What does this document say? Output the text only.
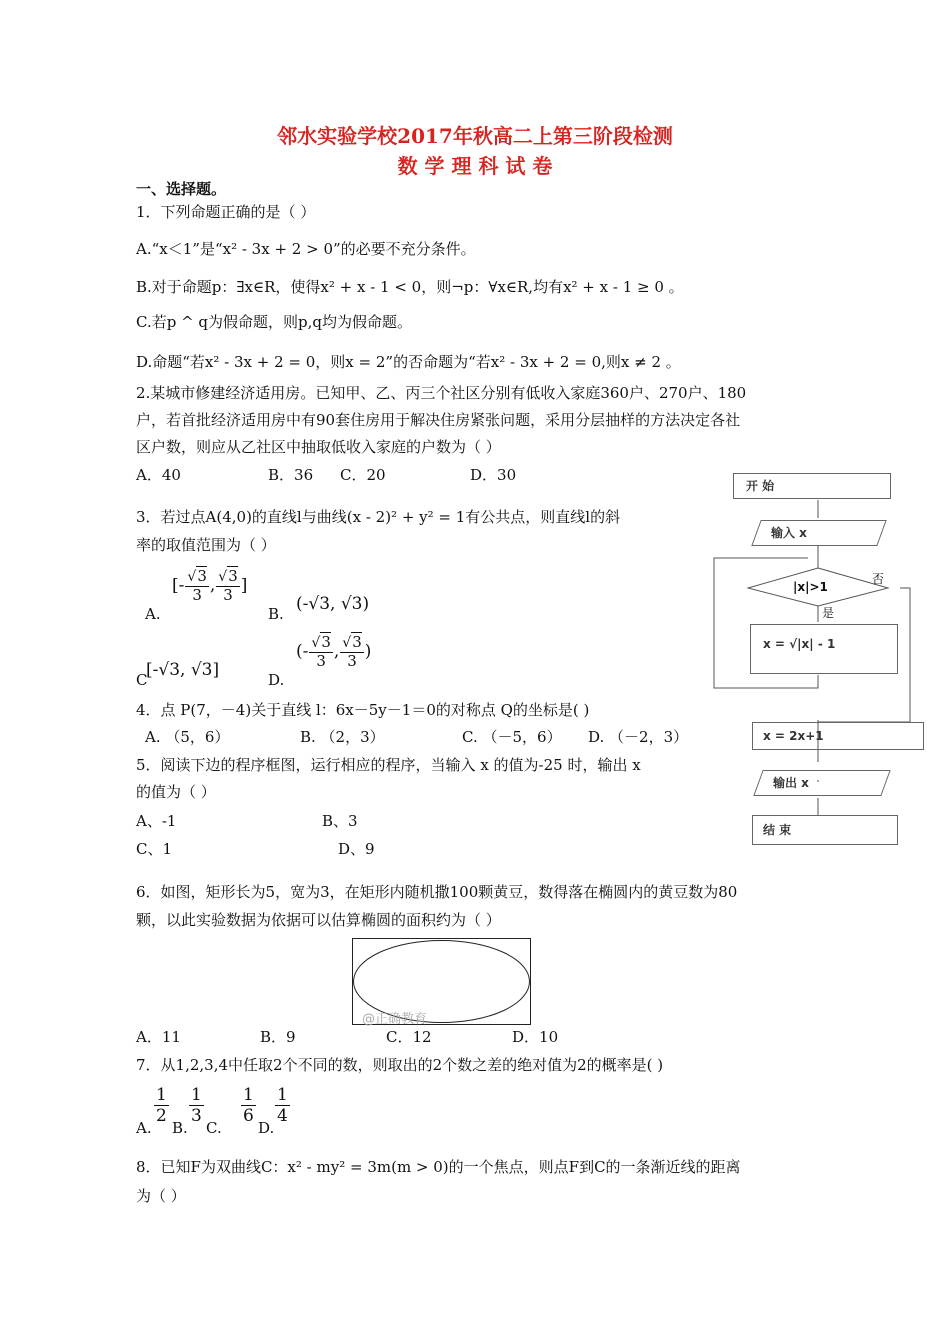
邻水实验学校2017年秋高二上第三阶段检测
数 学 理 科 试 卷
一、选择题。
1．下列命题正确的是（ ）
A.“x＜1”是“x² - 3x + 2 > 0”的必要不充分条件。
B.对于命题p：∃x∈R，使得x² + x - 1 < 0，则¬p：∀x∈R,均有x² + x - 1 ≥ 0 。
C.若p ^ q为假命题，则p,q均为假命题。
D.命题“若x² - 3x + 2 = 0，则x = 2”的否命题为“若x² - 3x + 2 = 0,则x ≠ 2 。
2.某城市修建经济适用房。已知甲、乙、丙三个社区分别有低收入家庭360户、270户、180
户，若首批经济适用房中有90套住房用于解决住房紧张问题，采用分层抽样的方法决定各社
区户数，则应从乙社区中抽取低收入家庭的户数为（ ）
A．40	B．36 C．20	D．30
3．若过点A(4,0)的直线l与曲线(x - 2)² + y² = 1有公共点，则直线l的斜
率的取值范围为（ ）
A.
[- $\frac{√3}{3}$ , $\frac{√3}{3}$ ]
B. (-√3, √3)
C
[-√3, √3]	D.
(- $\frac{√3}{3}$ , $\frac{√3}{3}$ )
4．点 P(7，－4)关于直线 l：6x－5y－1＝0的对称点 Q的坐标是( )
A. （5，6）	B. （2，3）	C. （－5，6） D. （－2，3）
5．阅读下边的程序框图，运行相应的程序，当输入 x 的值为-25 时，输出 x
的值为（ ）
A、-1	B、3
C、1	D、9
开 始
输入 x
|x|>1
否
是
x = √|x| - 1
x = 2x+1
输出 x
结 束
6．如图，矩形长为5，宽为3，在矩形内随机撒100颗黄豆，数得落在椭圆内的黄豆数为80
颗，以此实验数据为依据可以估算椭圆的面积约为（ ）
@正确教育
A．11	B．9	C．12	D．10
7．从1,2,3,4中任取2个不同的数，则取出的2个数之差的绝对值为2的概率是( )
A.
$\frac{1}{2}$
B.
$\frac{1}{3}$
C.
$\frac{1}{6}$
D.
$\frac{1}{4}$
8．已知F为双曲线C：x² - my² = 3m(m > 0)的一个焦点，则点F到C的一条渐近线的距离
为（ ）
